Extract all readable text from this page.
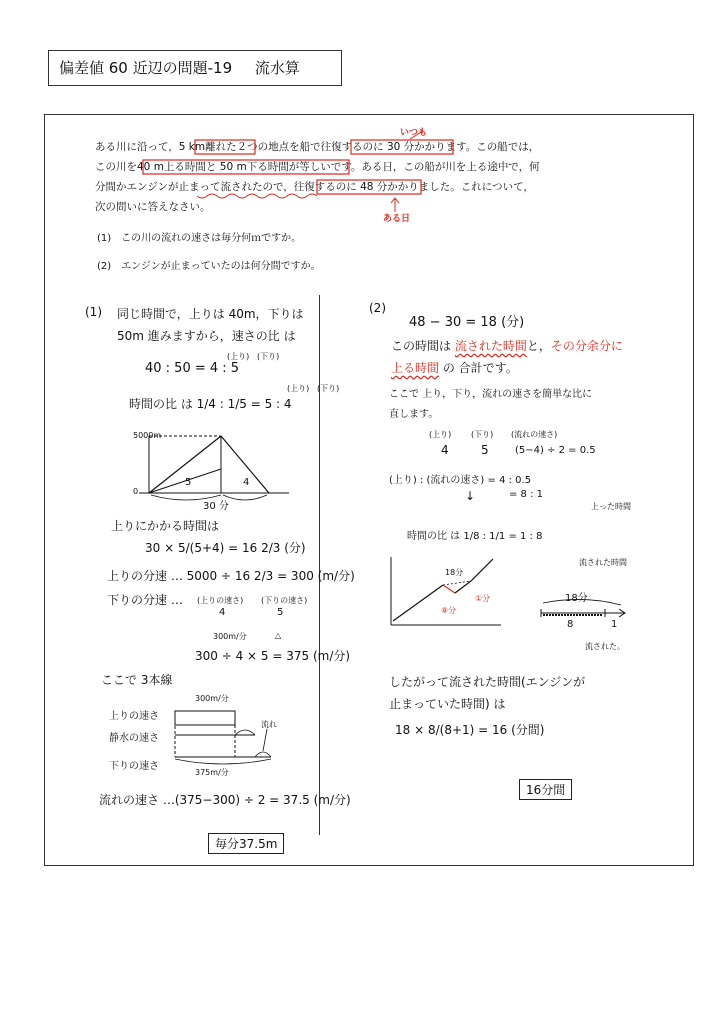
偏差値 60 近辺の問題-19 流水算
ある川に沿って，5 km離れた２つの地点を船で往復するのに 30 分かかります。この船では，
この川を40 m上る時間と 50 m下る時間が等しいです。ある日，この船が川を上る途中で，何
分間かエンジンが止まって流されたので，往復するのに 48 分かかりました。これについて，
次の問いに答えなさい。
いつも
ある日
(1)　この川の流れの速さは毎分何ｍですか。
(2)　エンジンが止まっていたのは何分間ですか。
(1) 同じ時間で，上りは 40m，下りは
50m 進みますから，速さの比 は
(上り) (下り)
40 : 50 = 4 : 5
(上り) (下り)
時間の比 は 1/4 : 1/5 = 5 : 4
5000m
0
5	4
30 分
上りにかかる時間は
30 × 5/(5+4) = 16 2/3 (分)
上りの分速 … 5000 ÷ 16 2/3 = 300 (m/分)
下りの分速 … (上りの速さ) (下りの速さ)
4	5
300m/分	△
300 ÷ 4 × 5 = 375 (m/分)
ここで 3本線
300m/分
上りの速さ
静水の速さ
下りの速さ
流れ
375m/分
流れの速さ …(375−300) ÷ 2 = 37.5 (m/分)
毎分37.5m
(2)
48 − 30 = 18 (分)
この時間は 流された時間と，その分余分に
上る時間 の 合計です。
ここで 上り，下り，流れの速さを簡単な比に
直します。
(上り) (下り) (流れの速さ)
4	5	(5−4) ÷ 2 = 0.5
(上り) : (流れの速さ) = 4 : 0.5
= 8 : 1
↓
上った時間
時間の比 は 1/8 : 1/1 = 1 : 8
流された時間
18分
①分
⑧分
18分
8	1
流された。
したがって流された時間(エンジンが
止まっていた時間) は
18 × 8/(8+1) = 16 (分間)
16分間
